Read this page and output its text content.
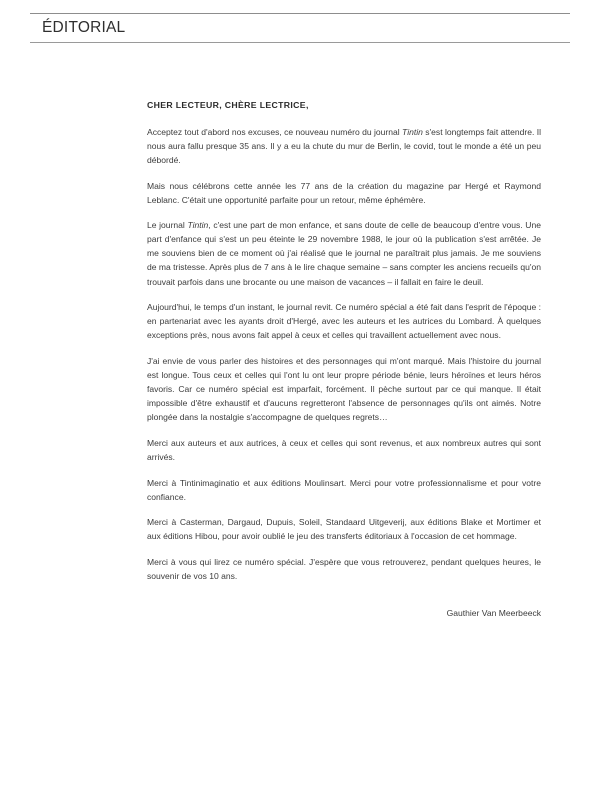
ÉDITORIAL
CHER LECTEUR, CHÈRE LECTRICE,

Acceptez tout d'abord nos excuses, ce nouveau numéro du journal Tintin s'est longtemps fait attendre. Il nous aura fallu presque 35 ans. Il y a eu la chute du mur de Berlin, le covid, tout le monde a été un peu débordé.

Mais nous célébrons cette année les 77 ans de la création du magazine par Hergé et Raymond Leblanc. C'était une opportunité parfaite pour un retour, même éphémère.

Le journal Tintin, c'est une part de mon enfance, et sans doute de celle de beaucoup d'entre vous. Une part d'enfance qui s'est un peu éteinte le 29 novembre 1988, le jour où la publication s'est arrêtée. Je me souviens bien de ce moment où j'ai réalisé que le journal ne paraîtrait plus jamais. Je me souviens de ma tristesse. Après plus de 7 ans à le lire chaque semaine – sans compter les anciens recueils qu'on trouvait parfois dans une brocante ou une maison de vacances – il fallait en faire le deuil.

Aujourd'hui, le temps d'un instant, le journal revit. Ce numéro spécial a été fait dans l'esprit de l'époque : en partenariat avec les ayants droit d'Hergé, avec les auteurs et les autrices du Lombard. À quelques exceptions près, nous avons fait appel à ceux et celles qui travaillent actuellement avec nous.

J'ai envie de vous parler des histoires et des personnages qui m'ont marqué. Mais l'histoire du journal est longue. Tous ceux et celles qui l'ont lu ont leur propre période bénie, leurs héroïnes et leurs héros favoris. Car ce numéro spécial est imparfait, forcément. Il pèche surtout par ce qui manque. Il était impossible d'être exhaustif et d'aucuns regretteront l'absence de personnages qu'ils ont aimés. Notre plongée dans la nostalgie s'accompagne de quelques regrets…

Merci aux auteurs et aux autrices, à ceux et celles qui sont revenus, et aux nombreux autres qui sont arrivés.

Merci à Tintinimaginatio et aux éditions Moulinsart. Merci pour votre professionnalisme et pour votre confiance.

Merci à Casterman, Dargaud, Dupuis, Soleil, Standaard Uitgeverij, aux éditions Blake et Mortimer et aux éditions Hibou, pour avoir oublié le jeu des transferts éditoriaux à l'occasion de cet hommage.

Merci à vous qui lirez ce numéro spécial. J'espère que vous retrouverez, pendant quelques heures, le souvenir de vos 10 ans.

Gauthier Van Meerbeeck
